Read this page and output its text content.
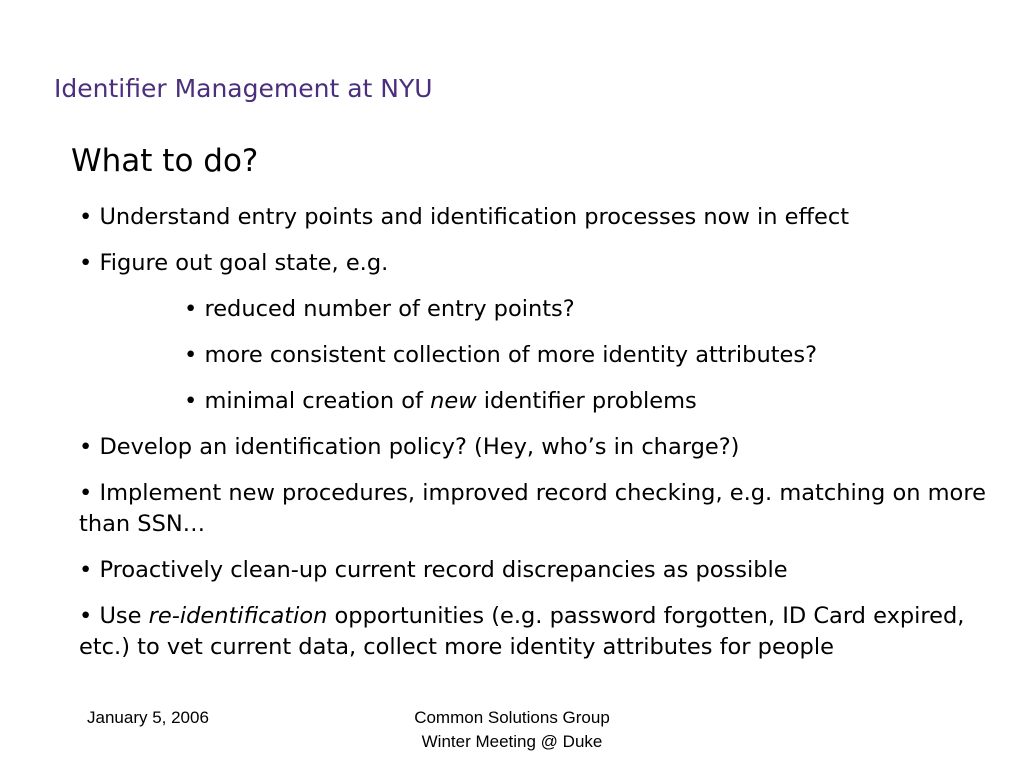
Identifier Management at NYU
What to do?
• Understand entry points and identification processes now in effect
• Figure out goal state, e.g.
• reduced number of entry points?
• more consistent collection of more identity attributes?
• minimal creation of new identifier problems
• Develop an identification policy? (Hey, who’s in charge?)
• Implement new procedures, improved record checking, e.g. matching on more than SSN…
• Proactively clean-up current record discrepancies as possible
• Use re-identification opportunities (e.g. password forgotten, ID Card expired, etc.) to vet current data, collect more identity attributes for people
January 5, 2006	Common Solutions Group
Winter Meeting @ Duke
